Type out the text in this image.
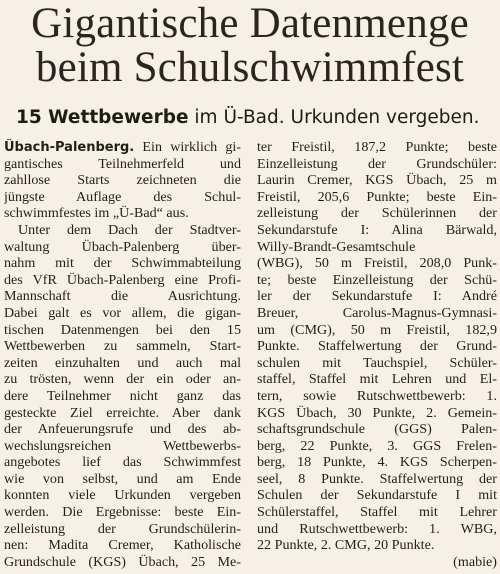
Gigantische Datenmenge
beim Schulschwimmfest
15 Wettbewerbe im Ü-Bad. Urkunden vergeben.
Übach-Palenberg. Ein wirklich gi-
gantisches Teilnehmerfeld und
zahllose Starts zeichneten die
jüngste Auflage des Schul-
schwimmfestes im „Ü-Bad“ aus.
Unter dem Dach der Stadtver-
waltung Übach-Palenberg über-
nahm mit der Schwimmabteilung
des VfR Übach-Palenberg eine Profi-
Mannschaft die Ausrichtung.
Dabei galt es vor allem, die gigan-
tischen Datenmengen bei den 15
Wettbewerben zu sammeln, Start-
zeiten einzuhalten und auch mal
zu trösten, wenn der ein oder an-
dere Teilnehmer nicht ganz das
gesteckte Ziel erreichte. Aber dank
der Anfeuerungsrufe und des ab-
wechslungsreichen Wettbewerbs-
angebotes lief das Schwimmfest
wie von selbst, und am Ende
konnten viele Urkunden vergeben
werden. Die Ergebnisse: beste Ein-
zelleistung der Grundschülerin-
nen: Madita Cremer, Katholische
Grundschule (KGS) Übach, 25 Me-
ter Freistil, 187,2 Punkte; beste
Einzelleistung der Grundschüler:
Laurin Cremer, KGS Übach, 25 m
Freistil, 205,6 Punkte; beste Ein-
zelleistung der Schülerinnen der
Sekundarstufe I: Alina Bärwald,
Willy-Brandt-Gesamtschule
(WBG), 50 m Freistil, 208,0 Punk-
te; beste Einzelleistung der Schü-
ler der Sekundarstufe I: André
Breuer, Carolus-Magnus-Gymnasi-
um (CMG), 50 m Freistil, 182,9
Punkte. Staffelwertung der Grund-
schulen mit Tauchspiel, Schüler-
staffel, Staffel mit Lehren und El-
tern, sowie Rutschwettbewerb: 1.
KGS Übach, 30 Punkte, 2. Gemein-
schaftsgrundschule (GGS) Palen-
berg, 22 Punkte, 3. GGS Frelen-
berg, 18 Punkte, 4. KGS Scherpen-
seel, 8 Punkte. Staffelwertung der
Schulen der Sekundarstufe I mit
Schülerstaffel, Staffel mit Lehrer
und Rutschwettbewerb: 1. WBG,
22 Punkte, 2. CMG, 20 Punkte.
(mabie)
